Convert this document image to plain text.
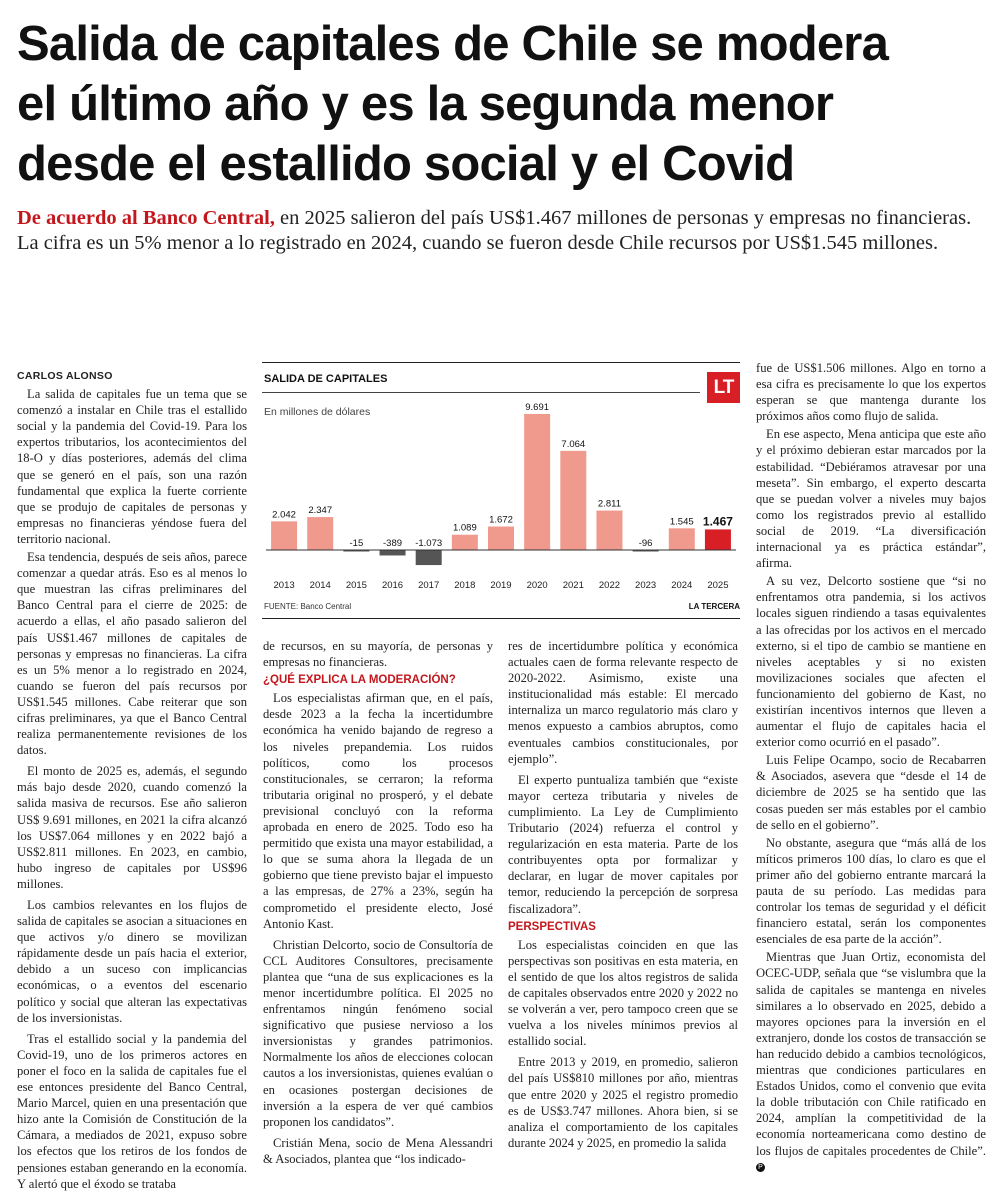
Salida de capitales de Chile se modera
el último año y es la segunda menor
desde el estallido social y el Covid
De acuerdo al Banco Central, en 2025 salieron del país US$1.467 millones de personas y empresas no financieras. La cifra es un 5% menor a lo registrado en 2024, cuando se fueron desde Chile recursos por US$1.545 millones.

CARLOS ALONSO

La salida de capitales fue un tema que se comenzó a instalar en Chile tras el estallido social y la pandemia del Covid-19. Para los expertos tributarios, los acontecimientos del 18-O y días posteriores, además del clima que se generó en el país, son una razón fundamental que explica la fuerte corriente que se produjo de capitales de personas y empresas no financieras yéndose fuera del territorio nacional.

Esa tendencia, después de seis años, parece comenzar a quedar atrás. Eso es al menos lo que muestran las cifras preliminares del Banco Central para el cierre de 2025: de acuerdo a ellas, el año pasado salieron del país US$1.467 millones de capitales de personas y empresas no financieras. La cifra es un 5% menor a lo registrado en 2024, cuando se fueron del país recursos por US$1.545 millones. Cabe reiterar que son cifras preliminares, ya que el Banco Central realiza permanentemente revisiones de los datos.

El monto de 2025 es, además, el segundo más bajo desde 2020, cuando comenzó la salida masiva de recursos. Ese año salieron US$ 9.691 millones, en 2021 la cifra alcanzó los US$7.064 millones y en 2022 bajó a US$2.811 millones. En 2023, en cambio, hubo ingreso de capitales por US$96 millones.

Los cambios relevantes en los flujos de salida de capitales se asocian a situaciones en que activos y/o dinero se movilizan rápidamente desde un país hacia el exterior, debido a un suceso con implicancias económicas, o a eventos del escenario político y social que alteran las expectativas de los inversionistas.

Tras el estallido social y la pandemia del Covid-19, uno de los primeros actores en poner el foco en la salida de capitales fue el ese entonces presidente del Banco Central, Mario Marcel, quien en una presentación que hizo ante la Comisión de Constitución de la Cámara, a mediados de 2021, expuso sobre los efectos que los retiros de los fondos de pensiones estaban generando en la economía. Y alertó que el éxodo se trataba

SALIDA DE CAPITALES	LT
En millones de dólares
2.042
2013
2.347
2014
-15
2015
-389
2016
-1.073
2017
1.089
2018
1.672
2019
9.691
2020
7.064
2021
2.811
2022
-96
2023
1.545
2024
1.467
2025
FUENTE: Banco Central	LA TERCERA

de recursos, en su mayoría, de personas y empresas no financieras.

¿QUÉ EXPLICA LA MODERACIÓN?

Los especialistas afirman que, en el país, desde 2023 a la fecha la incertidumbre económica ha venido bajando de regreso a los niveles prepandemia. Los ruidos políticos, como los procesos constitucionales, se cerraron; la reforma tributaria original no prosperó, y el debate previsional concluyó con la reforma aprobada en enero de 2025. Todo eso ha permitido que exista una mayor estabilidad, a lo que se suma ahora la llegada de un gobierno que tiene previsto bajar el impuesto a las empresas, de 27% a 23%, según ha comprometido el presidente electo, José Antonio Kast.

Christian Delcorto, socio de Consultoría de CCL Auditores Consultores, precisamente plantea que “una de sus explicaciones es la menor incertidumbre política. El 2025 no enfrentamos ningún fenómeno social significativo que pusiese nervioso a los inversionistas y grandes patrimonios. Normalmente los años de elecciones colocan cautos a los inversionistas, quienes evalúan o en ocasiones postergan decisiones de inversión a la espera de ver qué cambios proponen los candidatos”.

Cristián Mena, socio de Mena Alessandri & Asociados, plantea que “los indicado-

res de incertidumbre política y económica actuales caen de forma relevante respecto de 2020-2022. Asimismo, existe una institucionalidad más estable: El mercado internaliza un marco regulatorio más claro y menos expuesto a cambios abruptos, como eventuales cambios constitucionales, por ejemplo”.

El experto puntualiza también que “existe mayor certeza tributaria y niveles de cumplimiento. La Ley de Cumplimiento Tributario (2024) refuerza el control y regularización en esta materia. Parte de los contribuyentes opta por formalizar y declarar, en lugar de mover capitales por temor, reduciendo la percepción de sorpresa fiscalizadora”.

PERSPECTIVAS

Los especialistas coinciden en que las perspectivas son positivas en esta materia, en el sentido de que los altos registros de salida de capitales observados entre 2020 y 2022 no se volverán a ver, pero tampoco creen que se vuelva a los niveles mínimos previos al estallido social.

Entre 2013 y 2019, en promedio, salieron del país US$810 millones por año, mientras que entre 2020 y 2025 el registro promedio es de US$3.747 millones. Ahora bien, si se analiza el comportamiento de los capitales durante 2024 y 2025, en promedio la salida

fue de US$1.506 millones. Algo en torno a esa cifra es precisamente lo que los expertos esperan se que mantenga durante los próximos años como flujo de salida.

En ese aspecto, Mena anticipa que este año y el próximo debieran estar marcados por la estabilidad. “Debiéramos atravesar por una meseta”. Sin embargo, el experto descarta que se puedan volver a niveles muy bajos como los registrados previo al estallido social de 2019. “La diversificación internacional ya es práctica estándar”, afirma.

A su vez, Delcorto sostiene que “si no enfrentamos otra pandemia, si los activos locales siguen rindiendo a tasas equivalentes a las ofrecidas por los activos en el mercado externo, si el tipo de cambio se mantiene en niveles aceptables y si no existen movilizaciones sociales que afecten el funcionamiento del gobierno de Kast, no existirían incentivos internos que lleven a aumentar el flujo de capitales hacia el exterior como ocurrió en el pasado”.

Luis Felipe Ocampo, socio de Recabarren & Asociados, asevera que “desde el 14 de diciembre de 2025 se ha sentido que las cosas pueden ser más estables por el cambio de sello en el gobierno”.

No obstante, asegura que “más allá de los míticos primeros 100 días, lo claro es que el primer año del gobierno entrante marcará la pauta de su período. Las medidas para controlar los temas de seguridad y el déficit financiero estatal, serán los componentes esenciales de esa parte de la acción”.

Mientras que Juan Ortiz, economista del OCEC-UDP, señala que “se vislumbra que la salida de capitales se mantenga en niveles similares a lo observado en 2025, debido a mayores opciones para la inversión en el extranjero, donde los costos de transacción se han reducido debido a cambios tecnológicos, mientras que condiciones particulares en Estados Unidos, como el convenio que evita la doble tributación con Chile ratificado en 2024, amplían la competitividad de la economía norteamericana como destino de los flujos de capitales procedentes de Chile”. P
